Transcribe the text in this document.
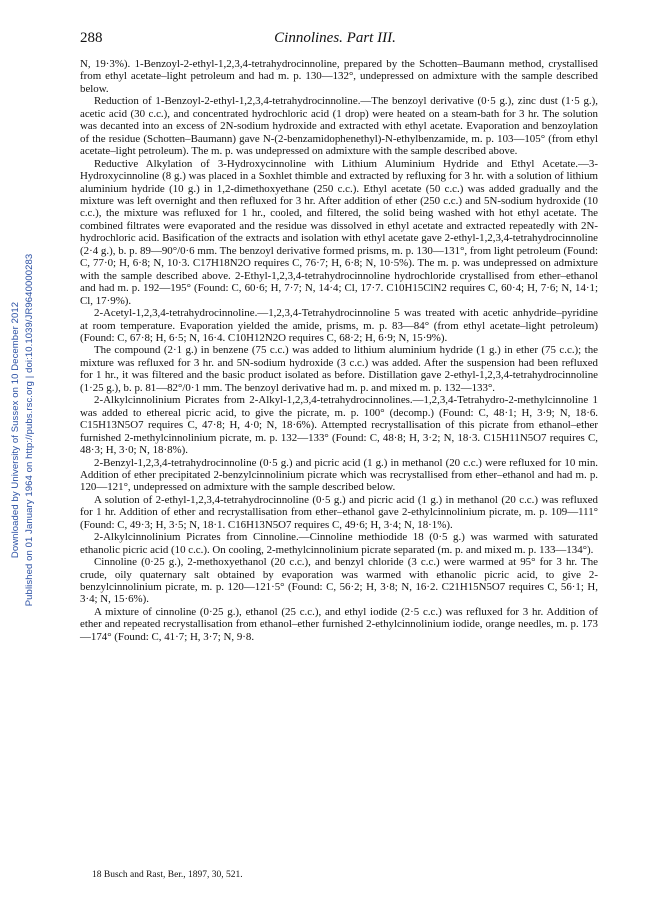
Downloaded by University of Sussex on 10 December 2012 Published on 01 January 1964 on http://pubs.rsc.org | doi:10.1039/JR9640000283
288	Cinnolines. Part III.

N, 19·3%). 1-Benzoyl-2-ethyl-1,2,3,4-tetrahydrocinnoline, prepared by the Schotten–Baumann method, crystallised from ethyl acetate–light petroleum and had m. p. 130—132°, undepressed on admixture with the sample described below.

Reduction of 1-Benzoyl-2-ethyl-1,2,3,4-tetrahydrocinnoline.—The benzoyl derivative (0·5 g.), zinc dust (1·5 g.), acetic acid (30 c.c.), and concentrated hydrochloric acid (1 drop) were heated on a steam-bath for 3 hr. The solution was decanted into an excess of 2N-sodium hydroxide and extracted with ethyl acetate. Evaporation and benzoylation of the residue (Schotten–Baumann) gave N-(2-benzamidophenethyl)-N-ethylbenzamide, m. p. 103—105° (from ethyl acetate–light petroleum). The m. p. was undepressed on admixture with the sample described above.

Reductive Alkylation of 3-Hydroxycinnoline with Lithium Aluminium Hydride and Ethyl Acetate.—3-Hydroxycinnoline (8 g.) was placed in a Soxhlet thimble and extracted by refluxing for 3 hr. with a solution of lithium aluminium hydride (10 g.) in 1,2-dimethoxyethane (250 c.c.). Ethyl acetate (50 c.c.) was added gradually and the mixture was left overnight and then refluxed for 3 hr. After addition of ether (250 c.c.) and 5N-sodium hydroxide (10 c.c.), the mixture was refluxed for 1 hr., cooled, and filtered, the solid being washed with hot ethyl acetate. The combined filtrates were evaporated and the residue was dissolved in ethyl acetate and extracted repeatedly with 2N-hydrochloric acid. Basification of the extracts and isolation with ethyl acetate gave 2-ethyl-1,2,3,4-tetrahydrocinnoline (2·4 g.), b. p. 89—90°/0·6 mm. The benzoyl derivative formed prisms, m. p. 130—131°, from light petroleum (Found: C, 77·0; H, 6·8; N, 10·3. C17H18N2O requires C, 76·7; H, 6·8; N, 10·5%). The m. p. was undepressed on admixture with the sample described above. 2-Ethyl-1,2,3,4-tetrahydrocinnoline hydrochloride crystallised from ether–ethanol and had m. p. 192—195° (Found: C, 60·6; H, 7·7; N, 14·4; Cl, 17·7. C10H15ClN2 requires C, 60·4; H, 7·6; N, 14·1; Cl, 17·9%).

2-Acetyl-1,2,3,4-tetrahydrocinnoline.—1,2,3,4-Tetrahydrocinnoline 5 was treated with acetic anhydride–pyridine at room temperature. Evaporation yielded the amide, prisms, m. p. 83—84° (from ethyl acetate–light petroleum) (Found: C, 67·8; H, 6·5; N, 16·4. C10H12N2O requires C, 68·2; H, 6·9; N, 15·9%).

The compound (2·1 g.) in benzene (75 c.c.) was added to lithium aluminium hydride (1 g.) in ether (75 c.c.); the mixture was refluxed for 3 hr. and 5N-sodium hydroxide (3 c.c.) was added. After the suspension had been refluxed for 1 hr., it was filtered and the basic product isolated as before. Distillation gave 2-ethyl-1,2,3,4-tetrahydrocinnoline (1·25 g.), b. p. 81—82°/0·1 mm. The benzoyl derivative had m. p. and mixed m. p. 132—133°.

2-Alkylcinnolinium Picrates from 2-Alkyl-1,2,3,4-tetrahydrocinnolines.—1,2,3,4-Tetrahydro-2-methylcinnoline 1 was added to ethereal picric acid, to give the picrate, m. p. 100° (decomp.) (Found: C, 48·1; H, 3·9; N, 18·6. C15H13N5O7 requires C, 47·8; H, 4·0; N, 18·6%). Attempted recrystallisation of this picrate from ethanol–ether furnished 2-methylcinnolinium picrate, m. p. 132—133° (Found: C, 48·8; H, 3·2; N, 18·3. C15H11N5O7 requires C, 48·3; H, 3·0; N, 18·8%).

2-Benzyl-1,2,3,4-tetrahydrocinnoline (0·5 g.) and picric acid (1 g.) in methanol (20 c.c.) were refluxed for 10 min. Addition of ether precipitated 2-benzylcinnolinium picrate which was recrystallised from ether–ethanol and had m. p. 120—121°, undepressed on admixture with the sample described below.

A solution of 2-ethyl-1,2,3,4-tetrahydrocinnoline (0·5 g.) and picric acid (1 g.) in methanol (20 c.c.) was refluxed for 1 hr. Addition of ether and recrystallisation from ether–ethanol gave 2-ethylcinnolinium picrate, m. p. 109—111° (Found: C, 49·3; H, 3·5; N, 18·1. C16H13N5O7 requires C, 49·6; H, 3·4; N, 18·1%).

2-Alkylcinnolinium Picrates from Cinnoline.—Cinnoline methiodide 18 (0·5 g.) was warmed with saturated ethanolic picric acid (10 c.c.). On cooling, 2-methylcinnolinium picrate separated (m. p. and mixed m. p. 133—134°).

Cinnoline (0·25 g.), 2-methoxyethanol (20 c.c.), and benzyl chloride (3 c.c.) were warmed at 95° for 3 hr. The crude, oily quaternary salt obtained by evaporation was warmed with ethanolic picric acid, to give 2-benzylcinnolinium picrate, m. p. 120—121·5° (Found: C, 56·2; H, 3·8; N, 16·2. C21H15N5O7 requires C, 56·1; H, 3·4; N, 15·6%).

A mixture of cinnoline (0·25 g.), ethanol (25 c.c.), and ethyl iodide (2·5 c.c.) was refluxed for 3 hr. Addition of ether and repeated recrystallisation from ethanol–ether furnished 2-ethylcinnolinium iodide, orange needles, m. p. 173—174° (Found: C, 41·7; H, 3·7; N, 9·8.

18 Busch and Rast, Ber., 1897, 30, 521.
